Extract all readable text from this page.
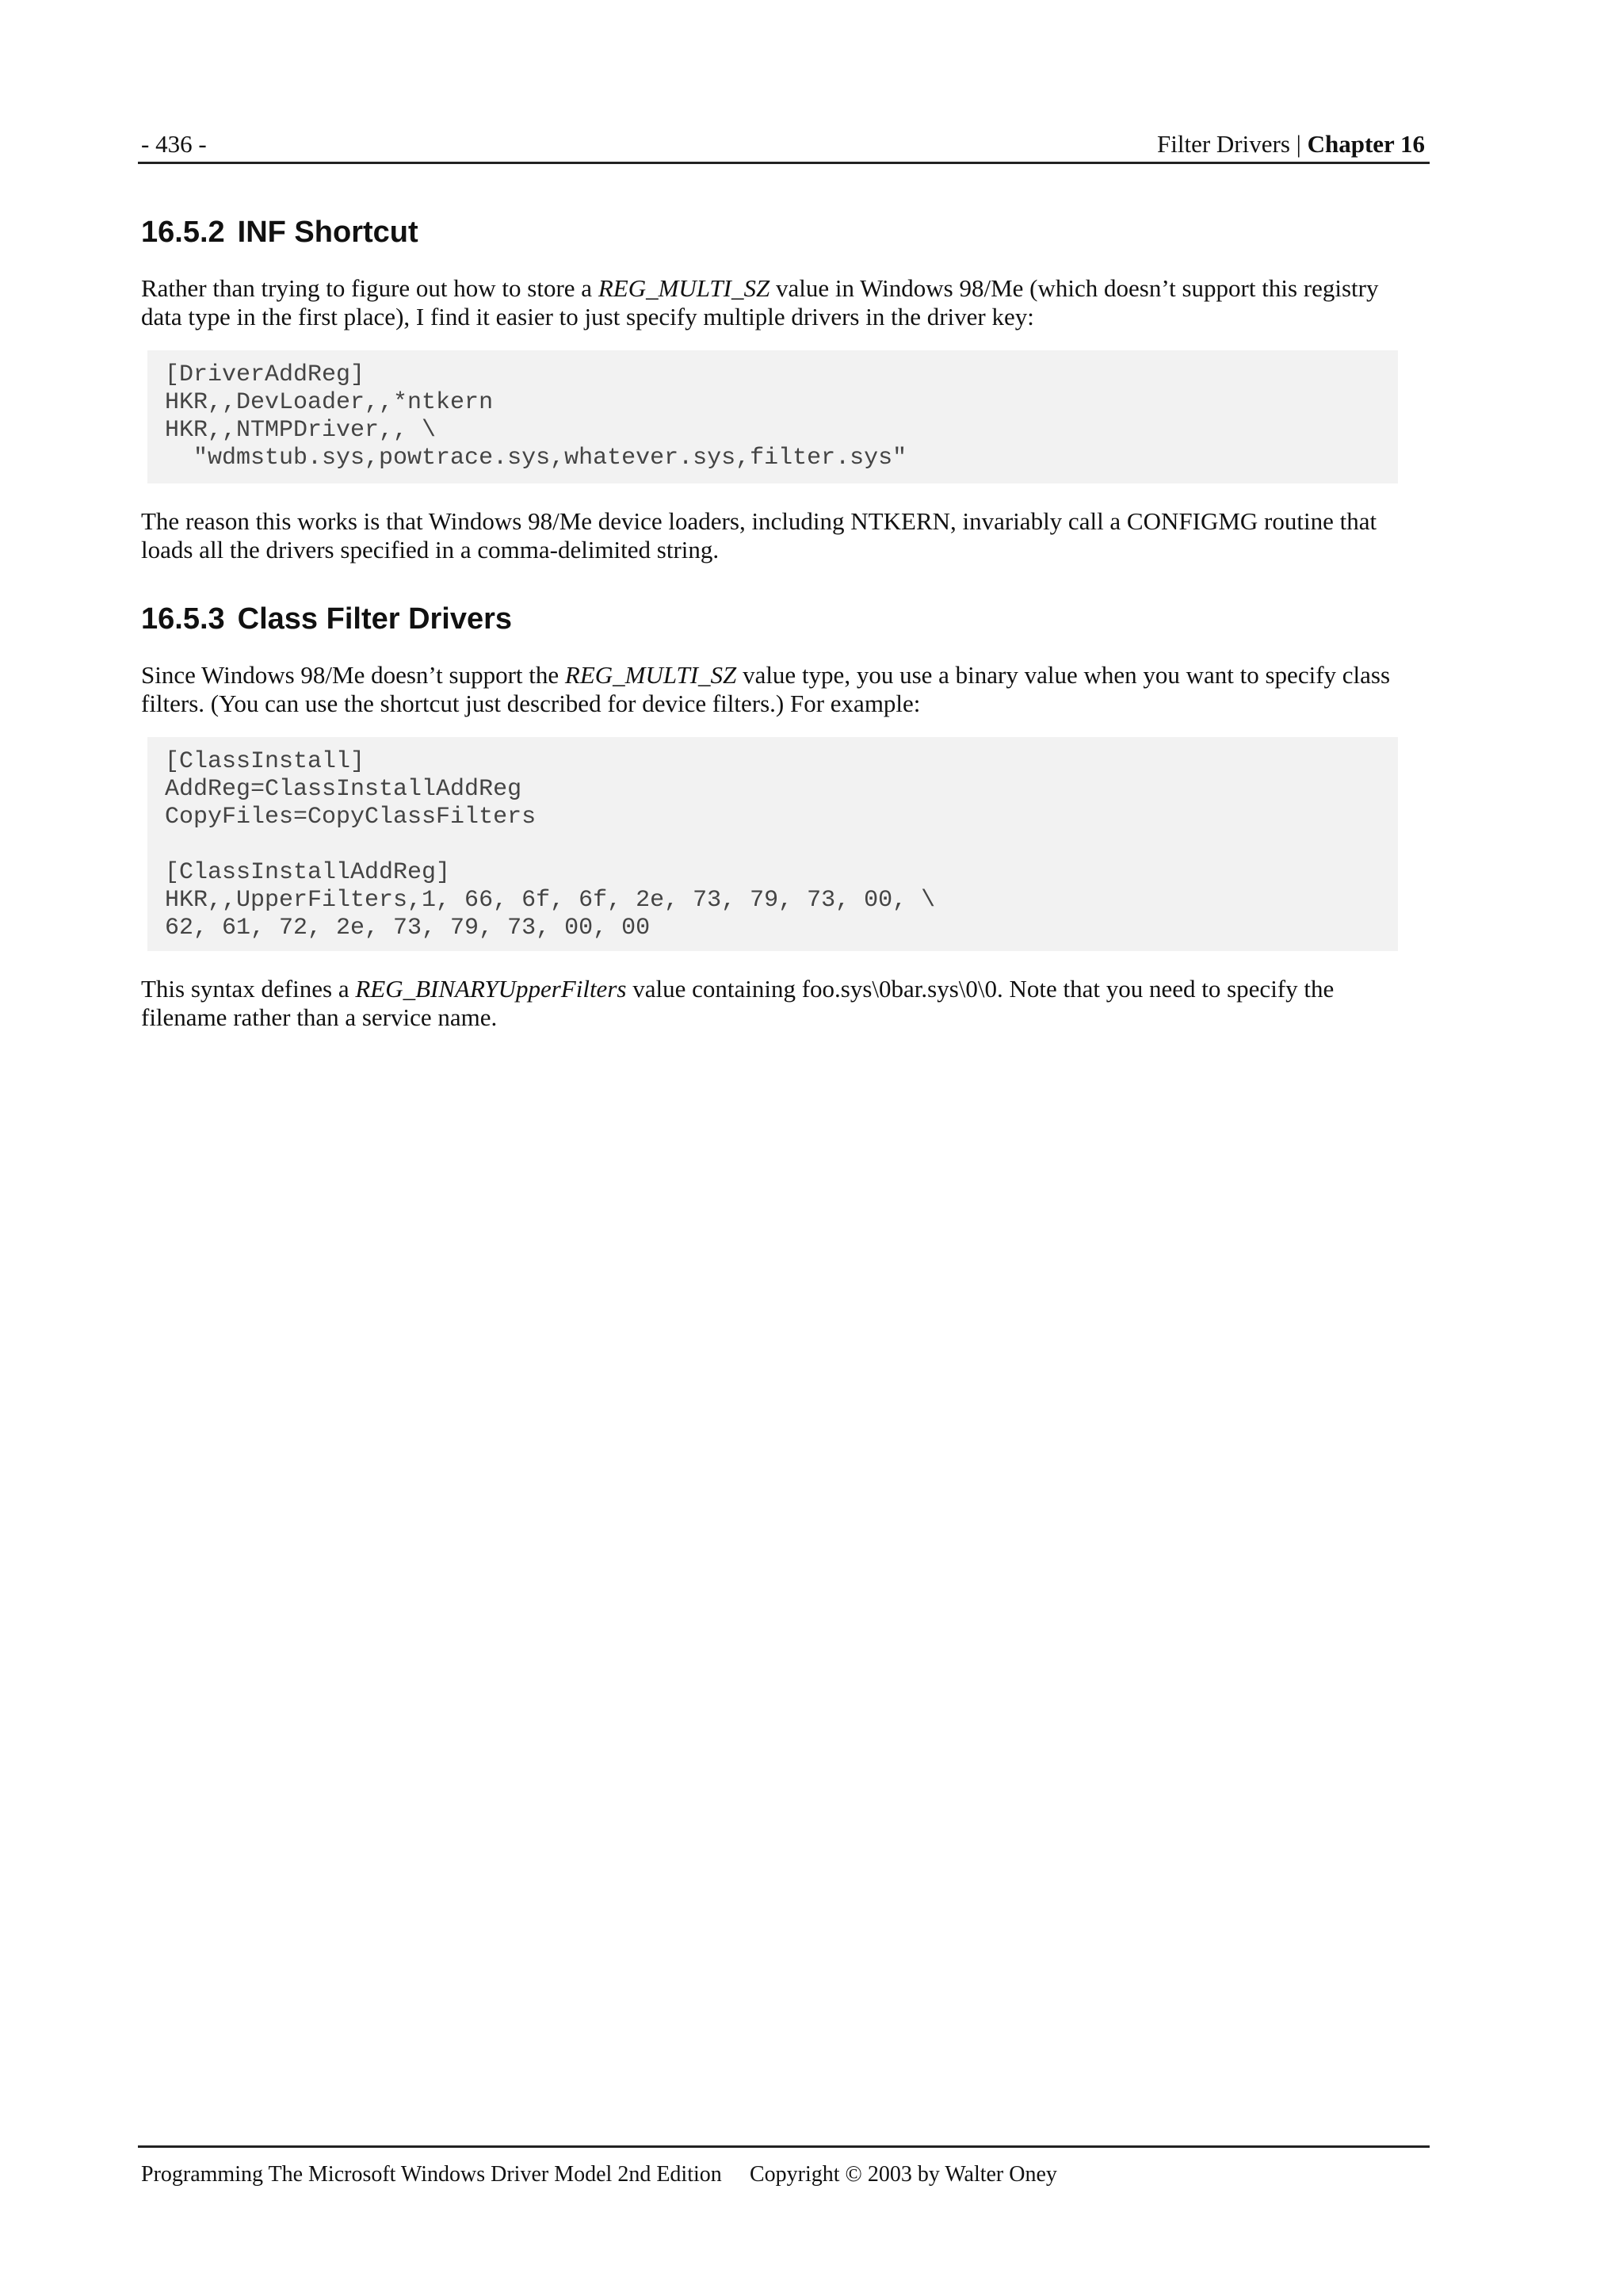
- 436 -	Filter Drivers | Chapter 16
16.5.2 INF Shortcut

Rather than trying to figure out how to store a REG_MULTI_SZ value in Windows 98/Me (which doesn’t support this registry data type in the first place), I find it easier to just specify multiple drivers in the driver key:

[DriverAddReg]
HKR,,DevLoader,,*ntkern
HKR,,NTMPDriver,, \
"wdmstub.sys,powtrace.sys,whatever.sys,filter.sys"

The reason this works is that Windows 98/Me device loaders, including NTKERN, invariably call a CONFIGMG routine that loads all the drivers specified in a comma-delimited string.

16.5.3 Class Filter Drivers

Since Windows 98/Me doesn’t support the REG_MULTI_SZ value type, you use a binary value when you want to specify class filters. (You can use the shortcut just described for device filters.) For example:

[ClassInstall]
AddReg=ClassInstallAddReg
CopyFiles=CopyClassFilters

[ClassInstallAddReg]
HKR,,UpperFilters,1, 66, 6f, 6f, 2e, 73, 79, 73, 00, \
62, 61, 72, 2e, 73, 79, 73, 00, 00

This syntax defines a REG_BINARYUpperFilters value containing foo.sys\0bar.sys\0\0. Note that you need to specify the filename rather than a service name.

Programming The Microsoft Windows Driver Model 2nd Edition Copyright © 2003 by Walter Oney
